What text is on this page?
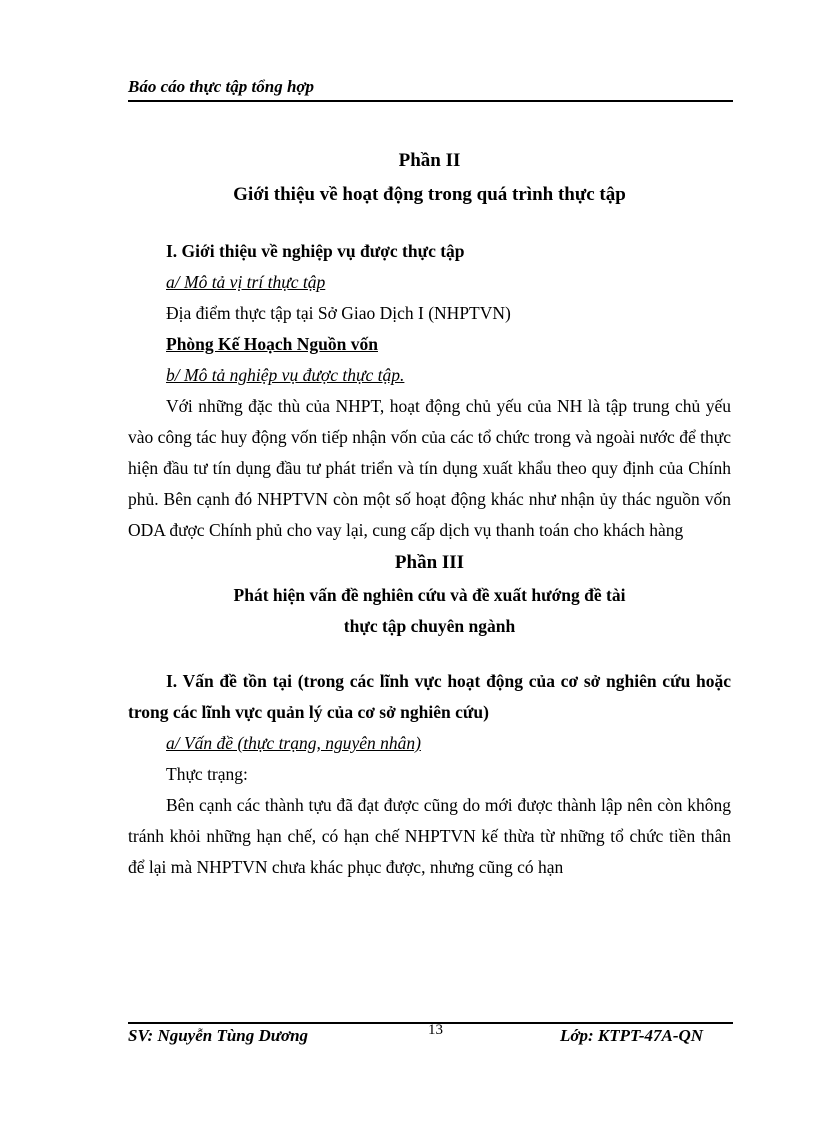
Báo cáo thực tập tổng hợp
Phần II
Giới thiệu về hoạt động trong quá trình thực tập
I. Giới thiệu về nghiệp vụ được thực tập
a/ Mô tả vị trí thực tập
Địa điểm thực tập tại Sở Giao Dịch I (NHPTVN)
Phòng Kế Hoạch Nguồn vốn
b/ Mô tả nghiệp vụ được thực tập.
Với những đặc thù của NHPT, hoạt động chủ yếu của NH là tập trung chủ yếu vào công tác huy động vốn tiếp nhận vốn của các tổ chức trong và ngoài nước để thực hiện đầu tư tín dụng đầu tư phát triển và tín dụng xuất khẩu theo quy định của Chính phủ. Bên cạnh đó NHPTVN còn một số hoạt động khác như nhận ủy thác nguồn vốn ODA được Chính phủ cho vay lại, cung cấp dịch vụ thanh toán cho khách hàng
Phần III
Phát hiện vấn đề nghiên cứu và đề xuất hướng đề tài
thực tập chuyên ngành
I. Vấn đề tồn tại (trong các lĩnh vực hoạt động của cơ sở nghiên cứu hoặc trong các lĩnh vực quản lý của cơ sở nghiên cứu)
a/ Vấn đề (thực trạng, nguyên nhân)
Thực trạng:
Bên cạnh các thành tựu đã đạt được cũng do mới được thành lập nên còn không tránh khỏi những hạn chế, có hạn chế NHPTVN kế thừa từ những tổ chức tiền thân để lại mà NHPTVN chưa khác phục được, nhưng cũng có hạn
SV: Nguyễn Tùng Dương	13	Lớp: KTPT-47A-QN
